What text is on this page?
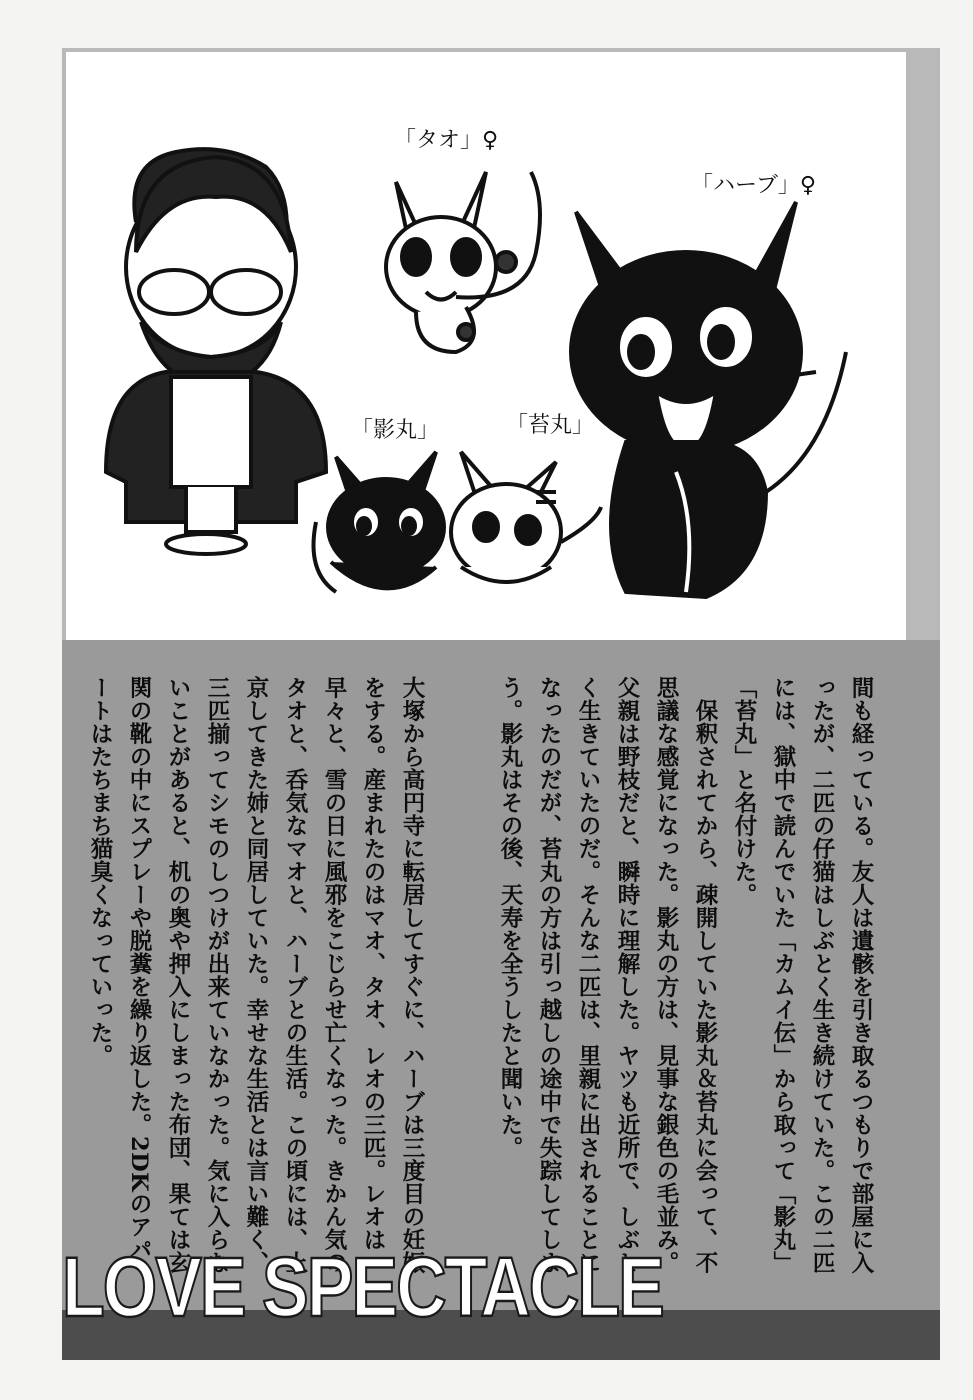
「タオ」♀
「ハーブ」♀
「影丸」	「苔丸」

大塚から高円寺に転居してすぐに、ハーブは三度目の妊娠をする。産まれたのはマオ、タオ、レオの三匹。レオは早々と、雪の日に風邪をこじらせ亡くなった。きかん気のタオと、呑気なマオと、ハーブとの生活。この頃には、上京してきた姉と同居していた。幸せな生活とは言い難く、三匹揃ってシモのしつけが出来ていなかった。気に入らないことがあると、机の奥や押入にしまった布団、果ては玄関の靴の中にスプレーや脱糞を繰り返した。2DKのアパートはたちまち猫臭くなっていった。	間も経っている。友人は遺骸を引き取るつもりで部屋に入ったが、二匹の仔猫はしぶとく生き続けていた。この二匹には、獄中で読んでいた「カムイ伝」から取って「影丸」「苔丸」と名付けた。

保釈されてから、疎開していた影丸＆苔丸に会って、不思議な感覚になった。影丸の方は、見事な銀色の毛並み。父親は野枝だと、瞬時に理解した。ヤツも近所で、しぶとく生きていたのだ。そんな二匹は、里親に出されることになったのだが、苔丸の方は引っ越しの途中で失踪してしまう。影丸はその後、天寿を全うしたと聞いた。

LOVE SPECTACLE
